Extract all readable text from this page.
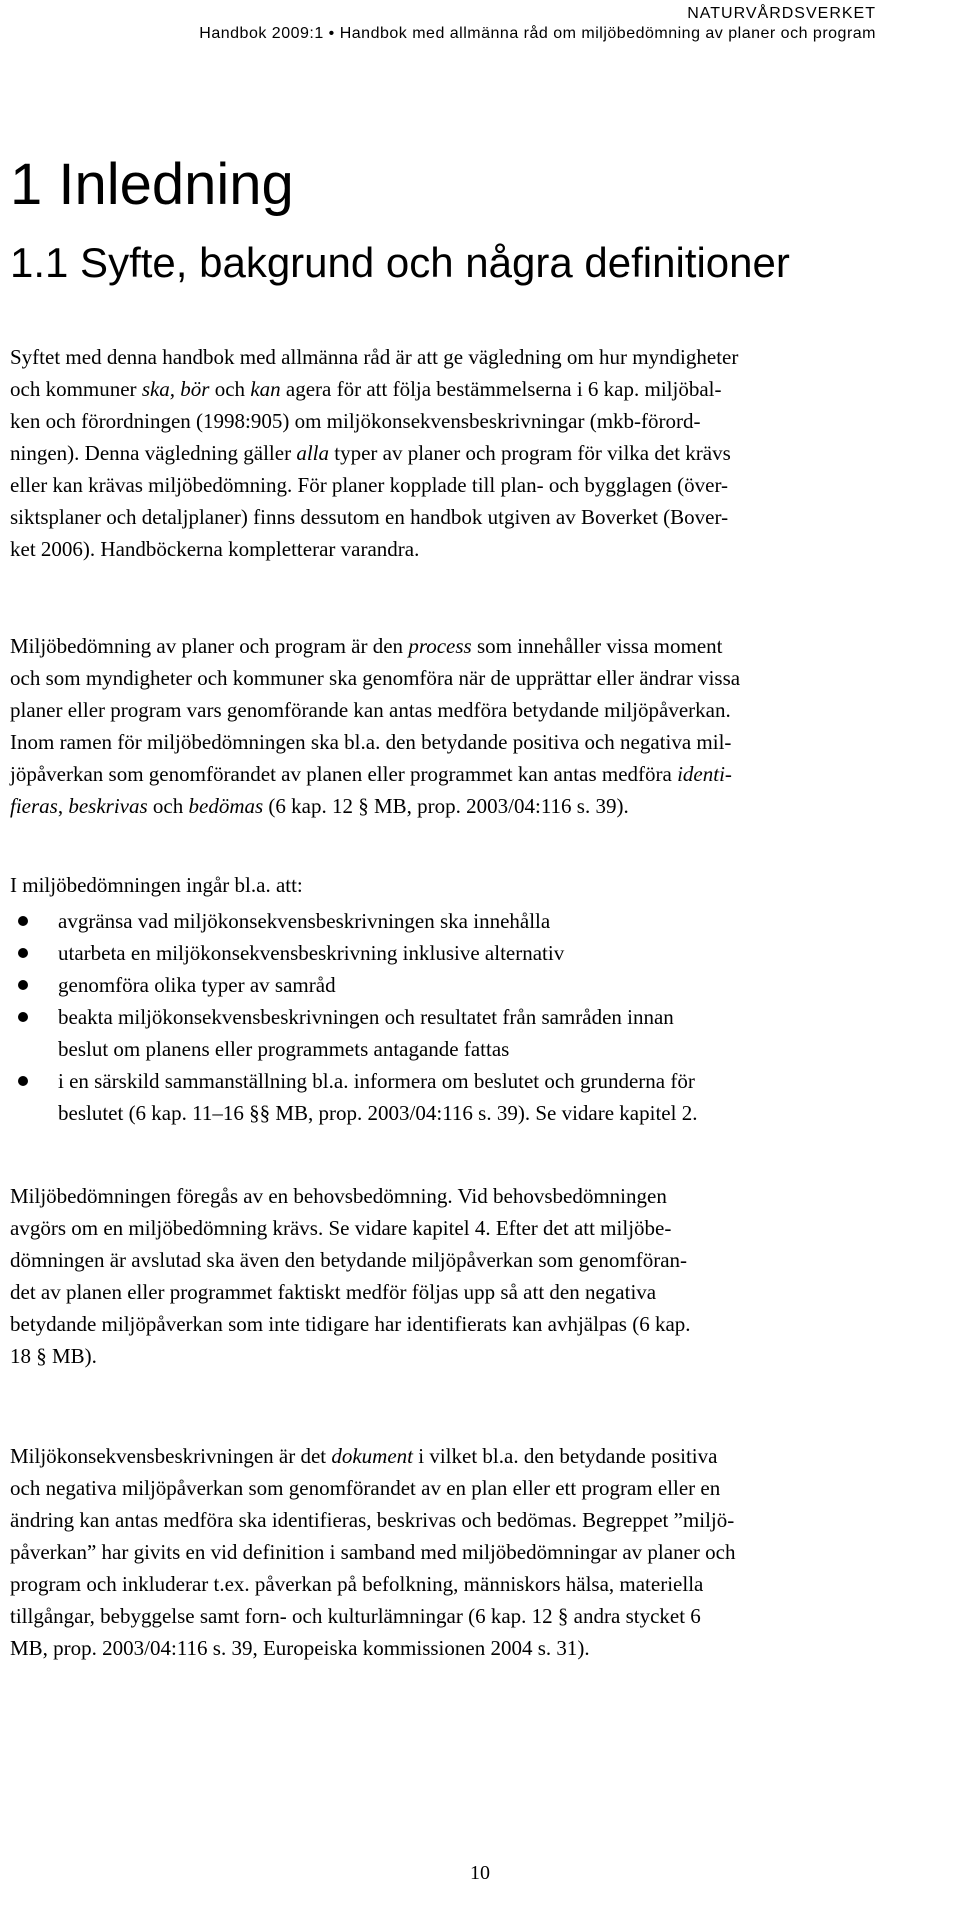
NATURVÅRDSVERKET
Handbok 2009:1 • Handbok med allmänna råd om miljöbedömning av planer och program
1 Inledning
1.1 Syfte, bakgrund och några definitioner

Syftet med denna handbok med allmänna råd är att ge vägledning om hur myndigheter
och kommuner ska, bör och kan agera för att följa bestämmelserna i 6 kap. miljöbal-
ken och förordningen (1998:905) om miljökonsekvensbeskrivningar (mkb-förord-
ningen). Denna vägledning gäller alla typer av planer och program för vilka det krävs
eller kan krävas miljöbedömning. För planer kopplade till plan- och bygglagen (över-
siktsplaner och detaljplaner) finns dessutom en handbok utgiven av Boverket (Bover-
ket 2006). Handböckerna kompletterar varandra.

Miljöbedömning av planer och program är den process som innehåller vissa moment
och som myndigheter och kommuner ska genomföra när de upprättar eller ändrar vissa
planer eller program vars genomförande kan antas medföra betydande miljöpåverkan.
Inom ramen för miljöbedömningen ska bl.a. den betydande positiva och negativa mil-
jöpåverkan som genomförandet av planen eller programmet kan antas medföra identi-
fieras, beskrivas och bedömas (6 kap. 12 § MB, prop. 2003/04:116 s. 39).

I miljöbedömningen ingår bl.a. att:

avgränsa vad miljökonsekvensbeskrivningen ska innehålla
utarbeta en miljökonsekvensbeskrivning inklusive alternativ
genomföra olika typer av samråd
beakta miljökonsekvensbeskrivningen och resultatet från samråden innan
beslut om planens eller programmets antagande fattas
i en särskild sammanställning bl.a. informera om beslutet och grunderna för
beslutet (6 kap. 11–16 §§ MB, prop. 2003/04:116 s. 39). Se vidare kapitel 2.

Miljöbedömningen föregås av en behovsbedömning. Vid behovsbedömningen
avgörs om en miljöbedömning krävs. Se vidare kapitel 4. Efter det att miljöbe-
dömningen är avslutad ska även den betydande miljöpåverkan som genomföran-
det av planen eller programmet faktiskt medför följas upp så att den negativa
betydande miljöpåverkan som inte tidigare har identifierats kan avhjälpas (6 kap.
18 § MB).

Miljökonsekvensbeskrivningen är det dokument i vilket bl.a. den betydande positiva
och negativa miljöpåverkan som genomförandet av en plan eller ett program eller en
ändring kan antas medföra ska identifieras, beskrivas och bedömas. Begreppet ”miljö-
påverkan” har givits en vid definition i samband med miljöbedömningar av planer och
program och inkluderar t.ex. påverkan på befolkning, människors hälsa, materiella
tillgångar, bebyggelse samt forn- och kulturlämningar (6 kap. 12 § andra stycket 6
MB, prop. 2003/04:116 s. 39, Europeiska kommissionen 2004 s. 31).

10
